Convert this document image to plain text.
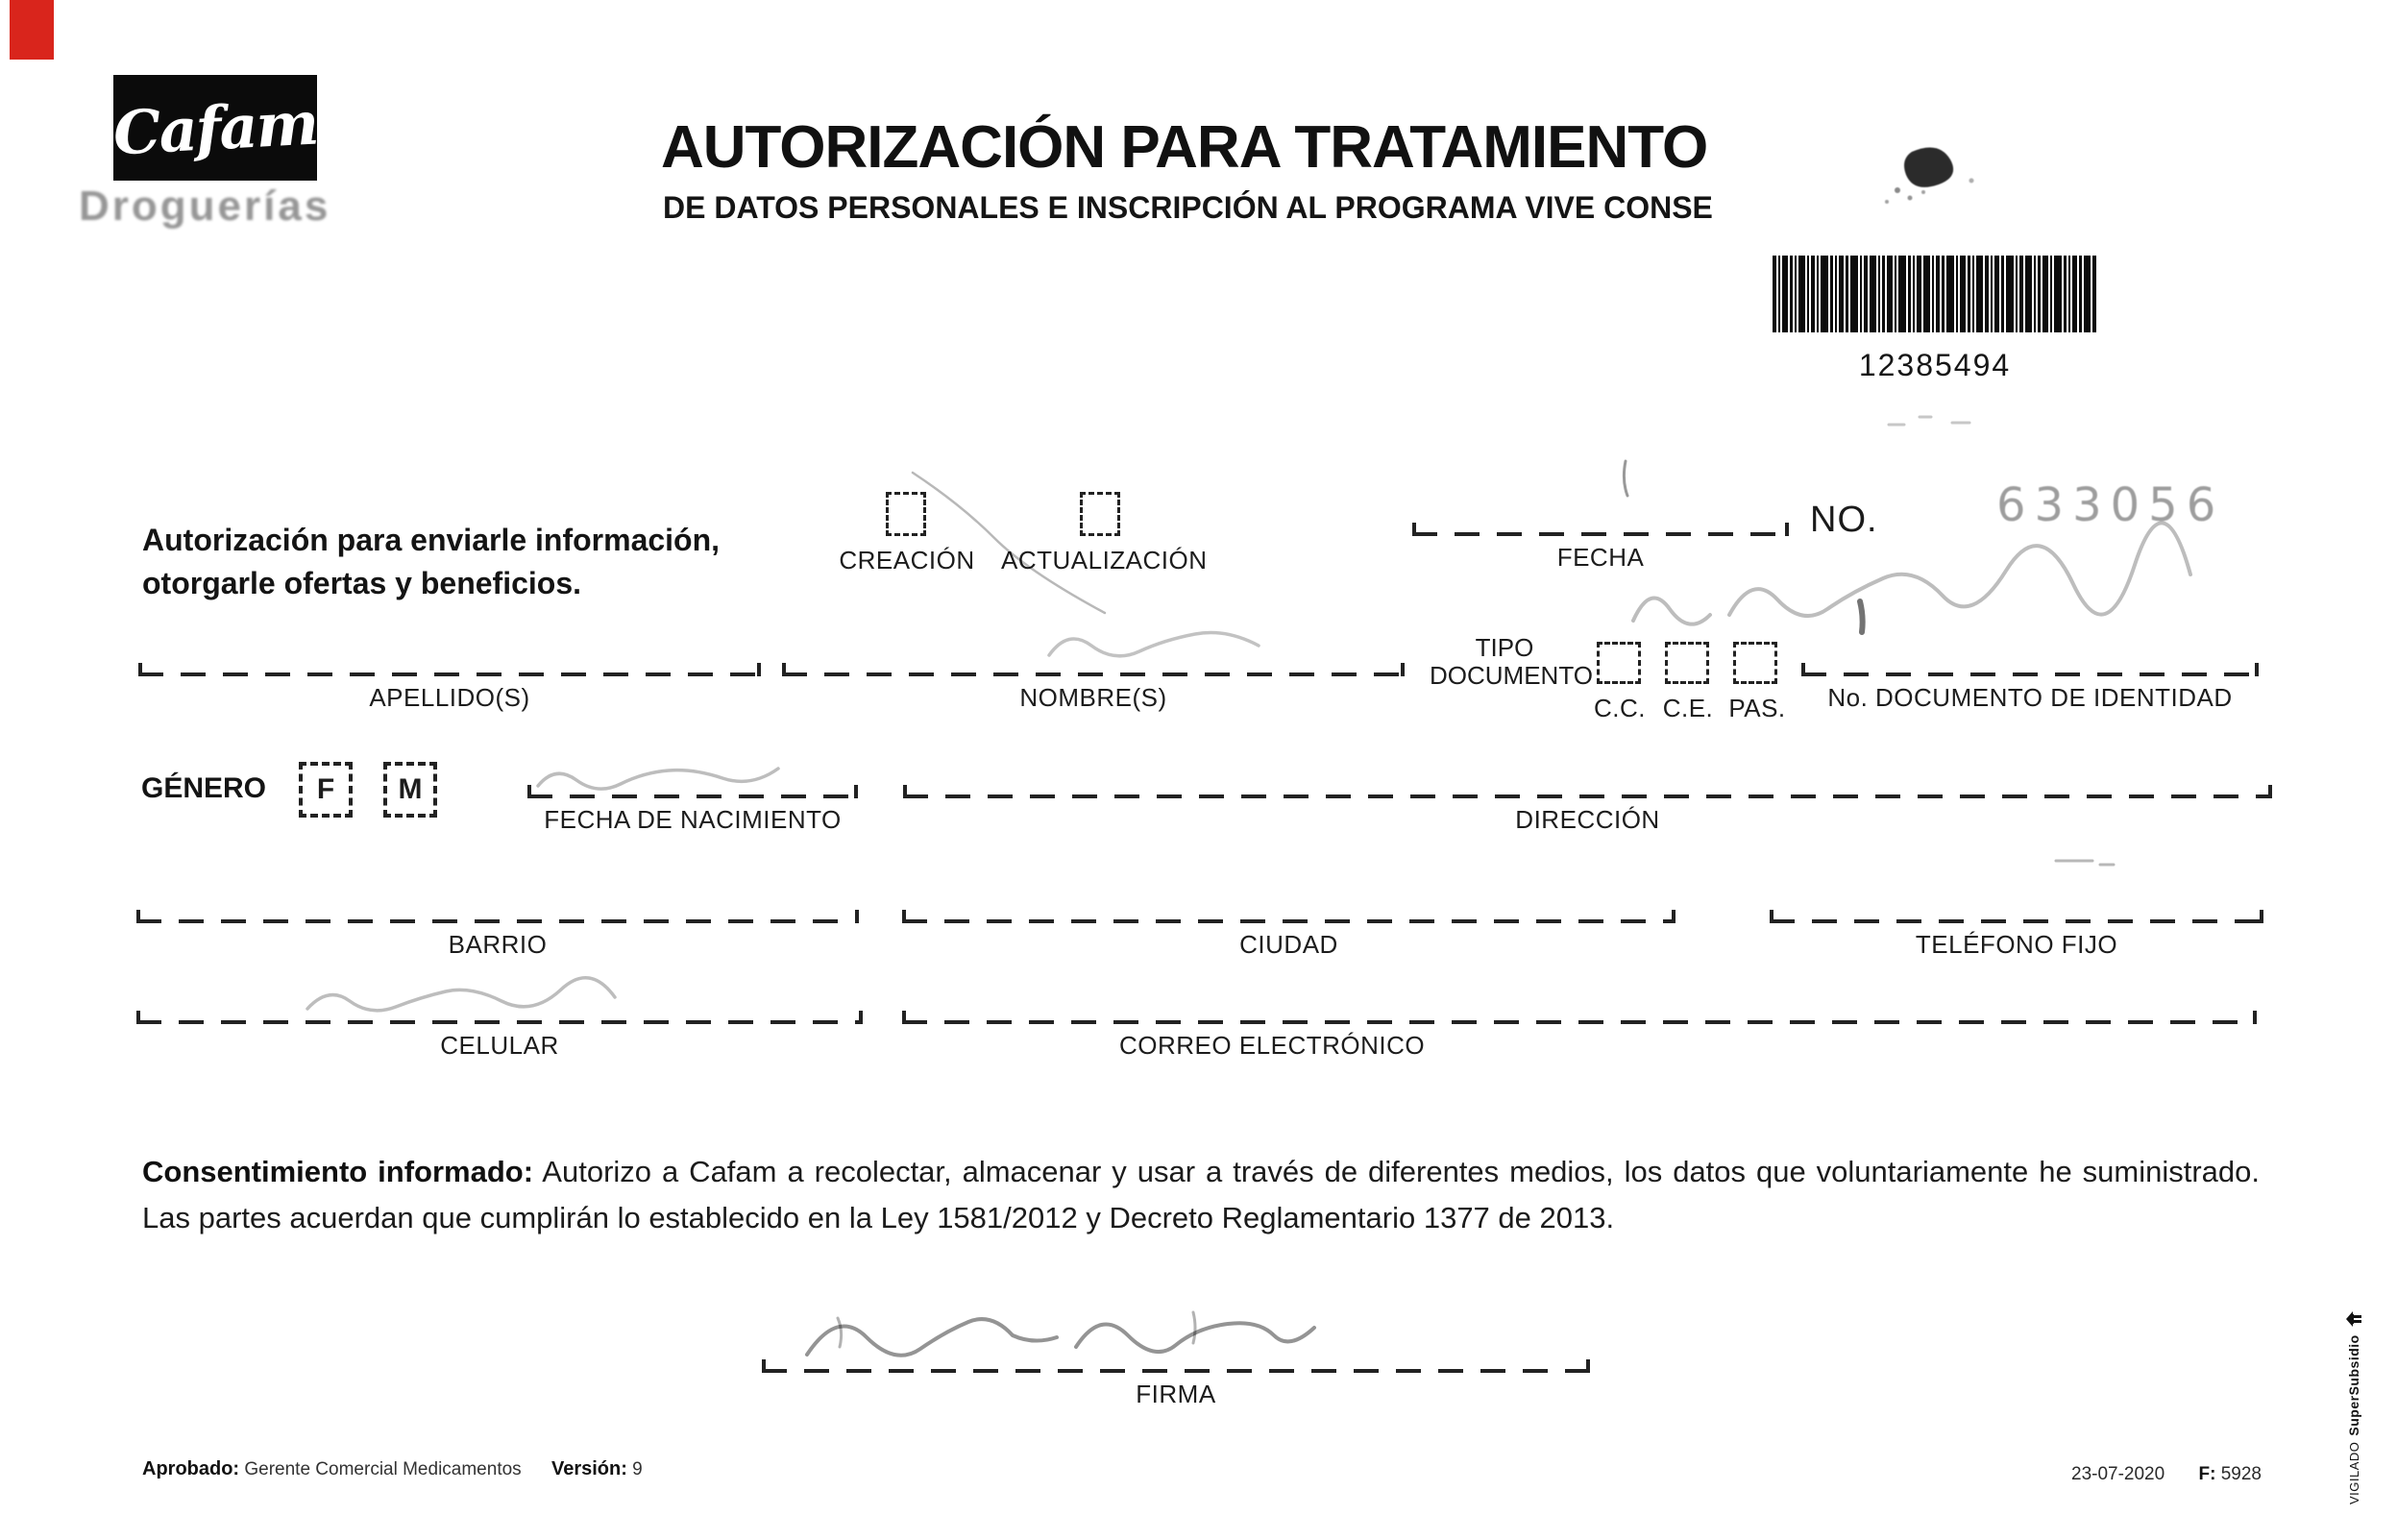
Cafam
Droguerías
AUTORIZACIÓN PARA TRATAMIENTO
DE DATOS PERSONALES E INSCRIPCIÓN AL PROGRAMA VIVE CONSE
12385494
Autorización para enviarle información,
otorgarle ofertas y beneficios.
CREACIÓN	ACTUALIZACIÓN	FECHA
NO.	633056
APELLIDO(S)	NOMBRE(S)
TIPO
DOCUMENTO
C.C. C.E. PAS.	No. DOCUMENTO DE IDENTIDAD
GÉNERO F M
FECHA DE NACIMIENTO	DIRECCIÓN
BARRIO	CIUDAD	TELÉFONO FIJO
CELULAR	CORREO ELECTRÓNICO
Consentimiento informado: Autorizo a Cafam a recolectar, almacenar y usar a través de diferentes medios, los datos que voluntariamente he suministrado. Las partes acuerdan que cumplirán lo establecido en la Ley 1581/2012 y Decreto Reglamentario 1377 de 2013.
FIRMA
Aprobado: Gerente Comercial Medicamentos Versión: 9	23-07-2020 F: 5928	VIGILADO
SuperSubsidio
